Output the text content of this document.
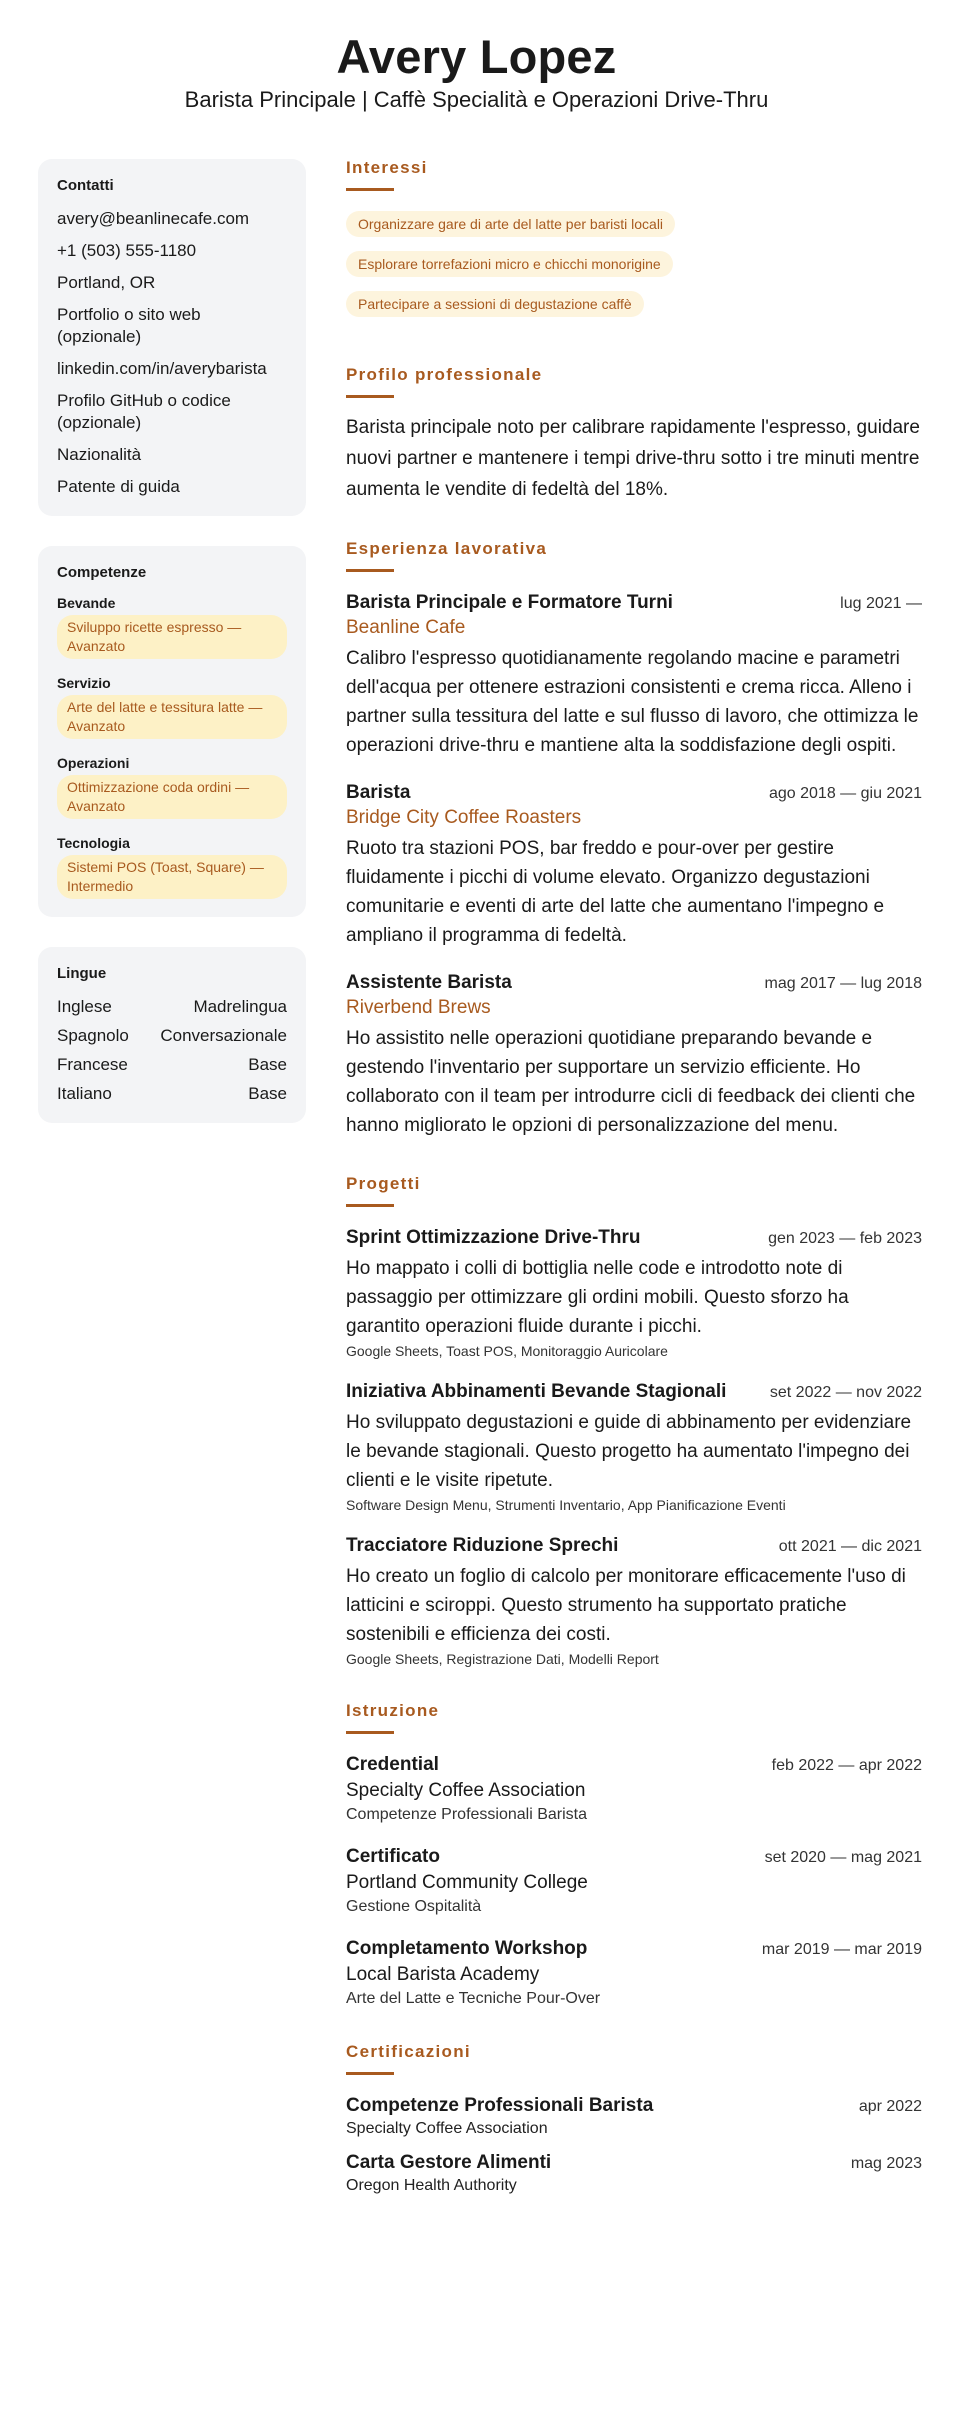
Avery Lopez
Barista Principale | Caffè Specialità e Operazioni Drive-Thru
Contatti
avery@beanlinecafe.com
+1 (503) 555-1180
Portland, OR
Portfolio o sito web (opzionale)
linkedin.com/in/averybarista
Profilo GitHub o codice (opzionale)
Nazionalità
Patente di guida
Competenze
Bevande
Sviluppo ricette espresso — Avanzato
Servizio
Arte del latte e tessitura latte — Avanzato
Operazioni
Ottimizzazione coda ordini — Avanzato
Tecnologia
Sistemi POS (Toast, Square) — Intermedio
Lingue
Inglese	Madrelingua
Spagnolo Conversazionale
Francese	Base
Italiano	Base
Interessi
Organizzare gare di arte del latte per baristi locali
Esplorare torrefazioni micro e chicchi monorigine
Partecipare a sessioni di degustazione caffè
Profilo professionale
Barista principale noto per calibrare rapidamente l'espresso, guidare nuovi partner e mantenere i tempi drive-thru sotto i tre minuti mentre aumenta le vendite di fedeltà del 18%.
Esperienza lavorativa
Barista Principale e Formatore Turni	lug 2021 —
Beanline Cafe
Calibro l'espresso quotidianamente regolando macine e parametri dell'acqua per ottenere estrazioni consistenti e crema ricca. Alleno i partner sulla tessitura del latte e sul flusso di lavoro, che ottimizza le operazioni drive-thru e mantiene alta la soddisfazione degli ospiti.
Barista	ago 2018 — giu 2021
Bridge City Coffee Roasters
Ruoto tra stazioni POS, bar freddo e pour-over per gestire fluidamente i picchi di volume elevato. Organizzo degustazioni comunitarie e eventi di arte del latte che aumentano l'impegno e ampliano il programma di fedeltà.
Assistente Barista	mag 2017 — lug 2018
Riverbend Brews
Ho assistito nelle operazioni quotidiane preparando bevande e gestendo l'inventario per supportare un servizio efficiente. Ho collaborato con il team per introdurre cicli di feedback dei clienti che hanno migliorato le opzioni di personalizzazione del menu.
Progetti
Sprint Ottimizzazione Drive-Thru	gen 2023 — feb 2023
Ho mappato i colli di bottiglia nelle code e introdotto note di passaggio per ottimizzare gli ordini mobili. Questo sforzo ha garantito operazioni fluide durante i picchi.
Google Sheets, Toast POS, Monitoraggio Auricolare
Iniziativa Abbinamenti Bevande Stagionali	set 2022 — nov 2022
Ho sviluppato degustazioni e guide di abbinamento per evidenziare le bevande stagionali. Questo progetto ha aumentato l'impegno dei clienti e le visite ripetute.
Software Design Menu, Strumenti Inventario, App Pianificazione Eventi
Tracciatore Riduzione Sprechi	ott 2021 — dic 2021
Ho creato un foglio di calcolo per monitorare efficacemente l'uso di latticini e sciroppi. Questo strumento ha supportato pratiche sostenibili e efficienza dei costi.
Google Sheets, Registrazione Dati, Modelli Report
Istruzione
Credential	feb 2022 — apr 2022
Specialty Coffee Association
Competenze Professionali Barista
Certificato	set 2020 — mag 2021
Portland Community College
Gestione Ospitalità
Completamento Workshop	mar 2019 — mar 2019
Local Barista Academy
Arte del Latte e Tecniche Pour-Over
Certificazioni
Competenze Professionali Barista	apr 2022
Specialty Coffee Association
Carta Gestore Alimenti	mag 2023
Oregon Health Authority
